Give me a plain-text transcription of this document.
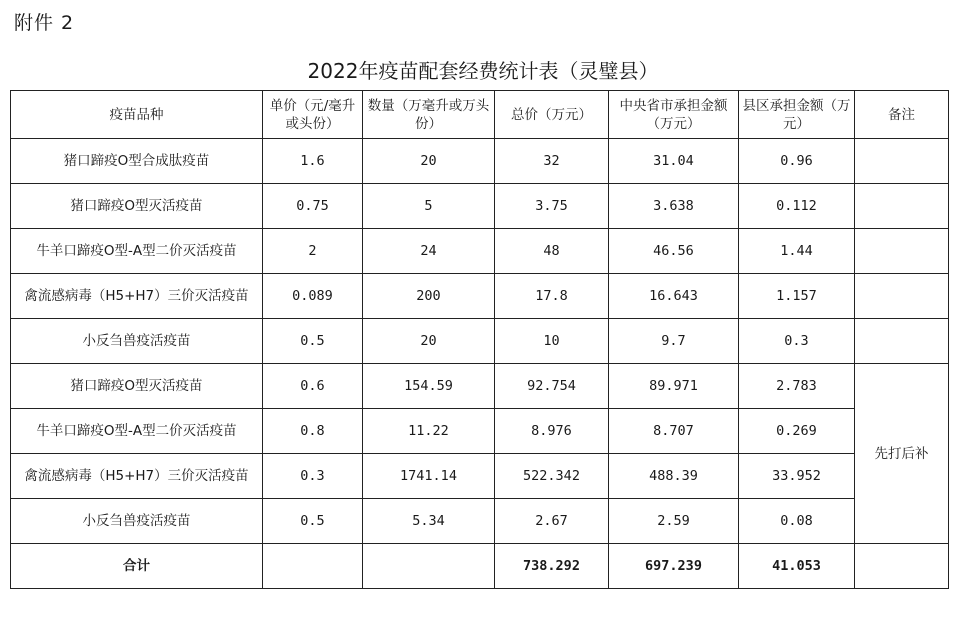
附件 2
2022年疫苗配套经费统计表（灵璧县）
疫苗品种	单价（元/毫升或头份）	数量（万毫升或万头份）	总价（万元）	中央省市承担金额（万元）	县区承担金额（万元）	备注
猪口蹄疫O型合成肽疫苗	1.6	20	32	31.04	0.96	
猪口蹄疫O型灭活疫苗	0.75	5	3.75	3.638	0.112	
牛羊口蹄疫O型-A型二价灭活疫苗	2	24	48	46.56	1.44	
禽流感病毒（H5+H7）三价灭活疫苗	0.089	200	17.8	16.643	1.157	
小反刍兽疫活疫苗	0.5	20	10	9.7	0.3	
猪口蹄疫O型灭活疫苗	0.6	154.59	92.754	89.971	2.783	先打后补
牛羊口蹄疫O型-A型二价灭活疫苗	0.8	11.22	8.976	8.707	0.269	
禽流感病毒（H5+H7）三价灭活疫苗	0.3	1741.14	522.342	488.39	33.952	
小反刍兽疫活疫苗	0.5	5.34	2.67	2.59	0.08	
合计			738.292	697.239	41.053	
